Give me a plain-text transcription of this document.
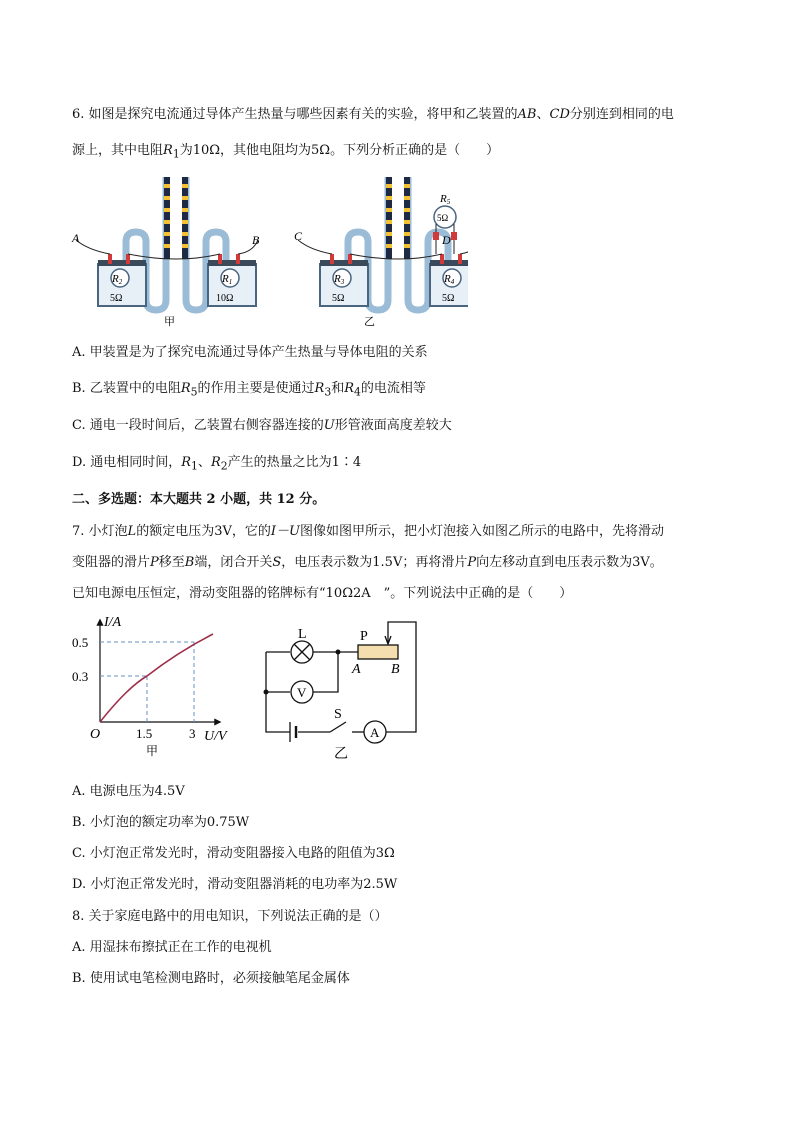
6. 如图是探究电流通过导体产生热量与哪些因素有关的实验，将甲和乙装置的AB、CD分别连到相同的电
源上，其中电阻$R_1$为10Ω，其他电阻均为5Ω。下列分析正确的是（　　）
A	B
R2	R1
5Ω	10Ω
甲
C	D
R5
5Ω
R3	R4
5Ω	5Ω
乙
A. 甲装置是为了探究电流通过导体产生热量与导体电阻的关系
B. 乙装置中的电阻$R_5$的作用主要是使通过$R_3$和$R_4$的电流相等
C. 通电一段时间后，乙装置右侧容器连接的U形管液面高度差较大
D. 通电相同时间，$R_1$、$R_2$产生的热量之比为1∶4
二、多选题：本大题共 2 小题，共 12 分。
7. 小灯泡L的额定电压为3V，它的I－U图像如图甲所示，把小灯泡接入如图乙所示的电路中，先将滑动
变阻器的滑片P移至B端，闭合开关S，电压表示数为1.5V；再将滑片P向左移动直到电压表示数为3V。
已知电源电压恒定，滑动变阻器的铭牌标有“10Ω2A　”。下列说法中正确的是（　　）
I/A
0.5
0.3
O	1.5	3 U/V
甲
L	P
A B
V
S
A
乙
A. 电源电压为4.5V
B. 小灯泡的额定功率为0.75W
C. 小灯泡正常发光时，滑动变阻器接入电路的阻值为3Ω
D. 小灯泡正常发光时，滑动变阻器消耗的电功率为2.5W
8. 关于家庭电路中的用电知识，下列说法正确的是（）
A. 用湿抹布擦拭正在工作的电视机
B. 使用试电笔检测电路时，必须接触笔尾金属体
